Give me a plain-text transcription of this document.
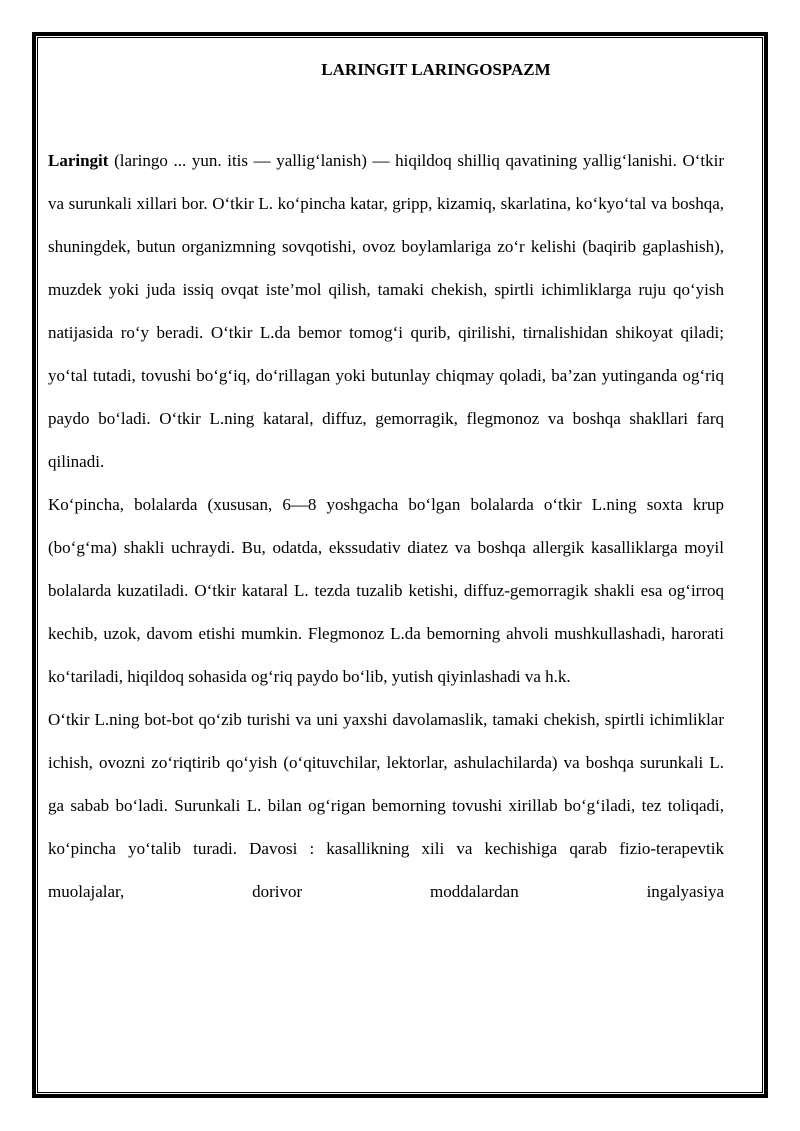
LARINGIT LARINGOSPAZM

Laringit (laringo ... yun. itis — yallig‘lanish) — hiqildoq shilliq qavatining yallig‘lanishi. O‘tkir va surunkali xillari bor. O‘tkir L. ko‘pincha katar, gripp, kizamiq, skarlatina, ko‘kyo‘tal va boshqa, shuningdek, butun organizmning sovqotishi, ovoz boylamlariga zo‘r kelishi (baqirib gaplashish), muzdek yoki juda issiq ovqat iste’mol qilish, tamaki chekish, spirtli ichimliklarga ruju qo‘yish natijasida ro‘y beradi. O‘tkir L.da bemor tomog‘i qurib, qirilishi, tirnalishidan shikoyat qiladi; yo‘tal tutadi, tovushi bo‘g‘iq, do‘rillagan yoki butunlay chiqmay qoladi, ba’zan yutinganda og‘riq paydo bo‘ladi. O‘tkir L.ning kataral, diffuz, gemorragik, flegmonoz va boshqa shakllari farq qilinadi.

Ko‘pincha, bolalarda (xususan, 6—8 yoshgacha bo‘lgan bolalarda o‘tkir L.ning soxta krup (bo‘g‘ma) shakli uchraydi. Bu, odatda, ekssudativ diatez va boshqa allergik kasalliklarga moyil bolalarda kuzatiladi. O‘tkir kataral L. tezda tuzalib ketishi, diffuz-gemorragik shakli esa og‘irroq kechib, uzok, davom etishi mumkin. Flegmonoz L.da bemorning ahvoli mushkullashadi, harorati ko‘tariladi, hiqildoq sohasida og‘riq paydo bo‘lib, yutish qiyinlashadi va h.k.

O‘tkir L.ning bot-bot qo‘zib turishi va uni yaxshi davolamaslik, tamaki chekish, spirtli ichimliklar ichish, ovozni zo‘riqtirib qo‘yish (o‘qituvchilar, lektorlar, ashulachilarda) va boshqa surunkali L. ga sabab bo‘ladi. Surunkali L. bilan og‘rigan bemorning tovushi xirillab bo‘g‘iladi, tez toliqadi, ko‘pincha yo‘talib turadi. Davosi : kasallikning xili va kechishiga qarab fizio-terapevtik muolajalar, dorivor moddalardan ingalyasiya
